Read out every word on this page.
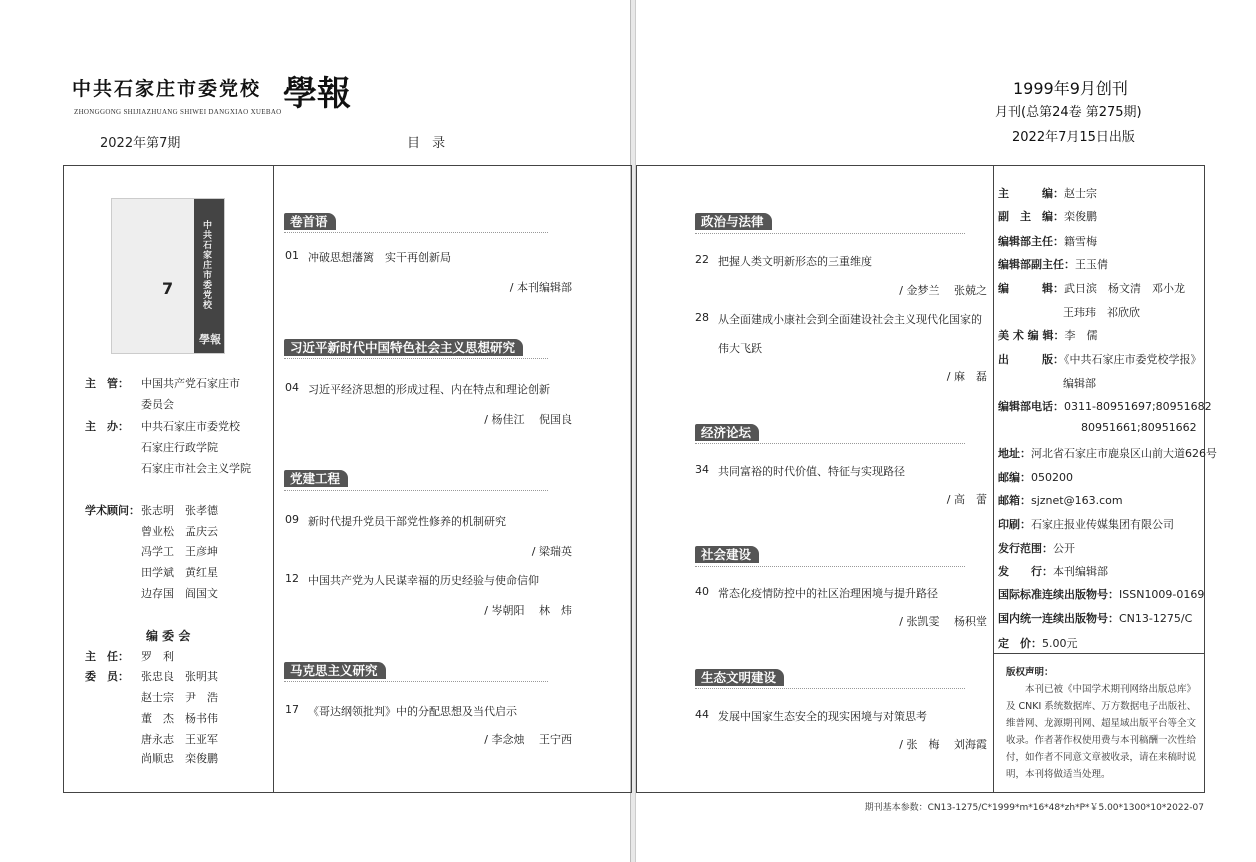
中共石家庄市委党校 學報
ZHONGGONG SHIJIAZHUANG SHIWEI DANGXIAO XUEBAO
2022年第7期	目 录
1999年9月创刊
月刊(总第24卷 第275期)
2022年7月15日出版
中共石家庄市委党校
學報
7
主　管： 中国共产党石家庄市
委员会
主　办： 中共石家庄市委党校
石家庄行政学院
石家庄市社会主义学院
学术顾问： 张志明 张孝德
曾业松 孟庆云
冯学工 王彦坤
田学斌 黄红星
边存国 阎国文
编 委 会
主　任： 罗　利
委　员： 张忠良 张明其
赵士宗 尹　浩
董　杰 杨书伟
唐永志 王亚军
尚顺忠 栾俊鹏
卷首语
01 冲破思想藩篱　实干再创新局
/ 本刊编辑部
习近平新时代中国特色社会主义思想研究
04 习近平经济思想的形成过程、内在特点和理论创新
/ 杨佳江　 倪国良
党建工程
09 新时代提升党员干部党性修养的机制研究
/ 梁瑞英
12 中国共产党为人民谋幸福的历史经验与使命信仰
/ 岑朝阳　 林　炜
马克思主义研究
17 《哥达纲领批判》中的分配思想及当代启示
/ 李念烛　 王宁西
政治与法律
22 把握人类文明新形态的三重维度
/ 金梦兰　 张兢之
28 从全面建成小康社会到全面建设社会主义现代化国家的
伟大飞跃
/ 麻　磊
经济论坛
34 共同富裕的时代价值、特征与实现路径
/ 高　蕾
社会建设
40 常态化疫情防控中的社区治理困境与提升路径
/ 张凯雯　 杨积堂
生态文明建设
44 发展中国家生态安全的现实困境与对策思考
/ 张　梅　 刘海霞
主　　　编：赵士宗
副　主　编：栾俊鹏
编辑部主任：籍雪梅
编辑部副主任：王玉倩
编　　　辑：武日滨　杨文清　邓小龙
王玮玮　祁欣欣
美 术 编 辑：李　儒
出　　　版：《中共石家庄市委党校学报》
编辑部
编辑部电话：0311-80951697;80951682
80951661;80951662
地址：河北省石家庄市鹿泉区山前大道626号
邮编：050200
邮箱：sjznet@163.com
印刷：石家庄报业传媒集团有限公司
发行范围：公开
发　　行：本刊编辑部
国际标准连续出版物号：ISSN1009-0169
国内统一连续出版物号：CN13-1275/C
定　价：5.00元
版权声明：
本刊已被《中国学术期刊网络出版总库》及 CNKI 系统数据库、万方数据电子出版社、维普网、龙源期刊网、超星域出版平台等全文收录。作者著作权使用费与本刊稿酬一次性给付，如作者不同意文章被收录，请在来稿时说明，本刊将做适当处理。
期刊基本参数：CN13-1275/C*1999*m*16*48*zh*P*￥5.00*1300*10*2022-07
